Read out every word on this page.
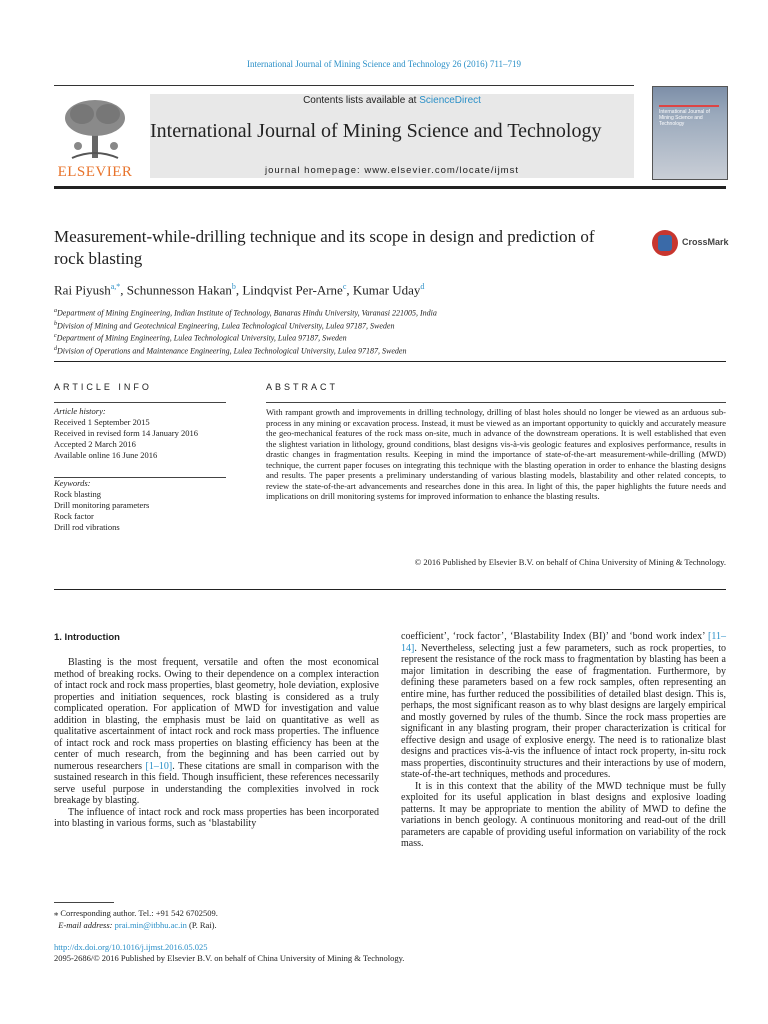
International Journal of Mining Science and Technology 26 (2016) 711–719
ELSEVIER
Contents lists available at ScienceDirect
International Journal of Mining Science and Technology
journal homepage: www.elsevier.com/locate/ijmst
International Journal of Mining Science and Technology
Measurement-while-drilling technique and its scope in design and prediction of rock blasting
CrossMark
Rai Piyush$^{a,*}$, Schunnesson Hakan$^b$, Lindqvist Per-Arne$^c$, Kumar Uday$^d$
$^a$Department of Mining Engineering, Indian Institute of Technology, Banaras Hindu University, Varanasi 221005, India
$^b$Division of Mining and Geotechnical Engineering, Lulea Technological University, Lulea 97187, Sweden
$^c$Department of Mining Engineering, Lulea Technological University, Lulea 97187, Sweden
$^d$Division of Operations and Maintenance Engineering, Lulea Technological University, Lulea 97187, Sweden
ARTICLE INFO
Article history:
Received 1 September 2015
Received in revised form 14 January 2016
Accepted 2 March 2016
Available online 16 June 2016
Keywords:
Rock blasting
Drill monitoring parameters
Rock factor
Drill rod vibrations
ABSTRACT
With rampant growth and improvements in drilling technology, drilling of blast holes should no longer be viewed as an arduous sub-process in any mining or excavation process. Instead, it must be viewed as an important opportunity to quickly and accurately measure the geo-mechanical features of the rock mass on-site, much in advance of the downstream operations. It is well established that even the slightest variation in lithology, ground conditions, blast designs vis-à-vis geologic features and explosives performance, results in drastic changes in fragmentation results. Keeping in mind the importance of state-of-the-art measurement-while-drilling (MWD) technique, the current paper focuses on integrating this technique with the blasting operation in order to enhance the blasting designs and results. The paper presents a preliminary understanding of various blasting models, blastability and other related concepts, to review the state-of-the-art advancements and researches done in this area. In light of this, the paper highlights the future needs and implications on drill monitoring systems for improved information to enhance the blasting results.
© 2016 Published by Elsevier B.V. on behalf of China University of Mining & Technology.
1. Introduction

Blasting is the most frequent, versatile and often the most economical method of breaking rocks. Owing to their dependence on a complex interaction of intact rock and rock mass properties, blast geometry, hole deviation, explosive properties and initiation sequences, rock blasting is considered as a truly complicated operation. For application of MWD for investigation and value addition in blasting, the emphasis must be laid on quantitative as well as qualitative ascertainment of intact rock and rock mass properties. The influence of intact rock and rock mass properties on blasting efficiency has been at the center of much research, from the beginning and has been carried out by numerous researchers [1–10]. These citations are small in comparison with the sustained research in this field. Though insufficient, these references necessarily serve useful purpose in understanding the complexities involved in rock breakage by blasting.

The influence of intact rock and rock mass properties has been incorporated into blasting in various forms, such as ‘blastability

coefficient’, ‘rock factor’, ‘Blastability Index (BI)’ and ‘bond work index’ [11–14]. Nevertheless, selecting just a few parameters, such as rock properties, to represent the resistance of the rock mass to fragmentation by blasting has been a major limitation in describing the ease of fragmentation. Furthermore, by defining these parameters based on a few rock samples, often representing an entire mine, has further reduced the possibilities of detailed blast design. This is, perhaps, the most significant reason as to why blast designs are largely empirical and mostly governed by rules of the thumb. Since the rock mass properties are significant in any blasting program, their proper characterization is critical for effective design and usage of explosive energy. The need is to rationalize blast designs and practices vis-à-vis the influence of intact rock property, in-situ rock mass properties, discontinuity structures and their interactions by use of modern, state-of-the-art techniques, methods and procedures.

It is in this context that the ability of the MWD technique must be fully exploited for its useful application in blast designs and explosive loading patterns. It may be appropriate to mention the ability of MWD to define the variations in bench geology. A continuous monitoring and read-out of the drill parameters are capable of providing useful information on variability of the rock mass.

⁎ Corresponding author. Tel.: +91 542 6702509.
E-mail address: prai.min@itbhu.ac.in (P. Rai).
http://dx.doi.org/10.1016/j.ijmst.2016.05.025
2095-2686/© 2016 Published by Elsevier B.V. on behalf of China University of Mining & Technology.
